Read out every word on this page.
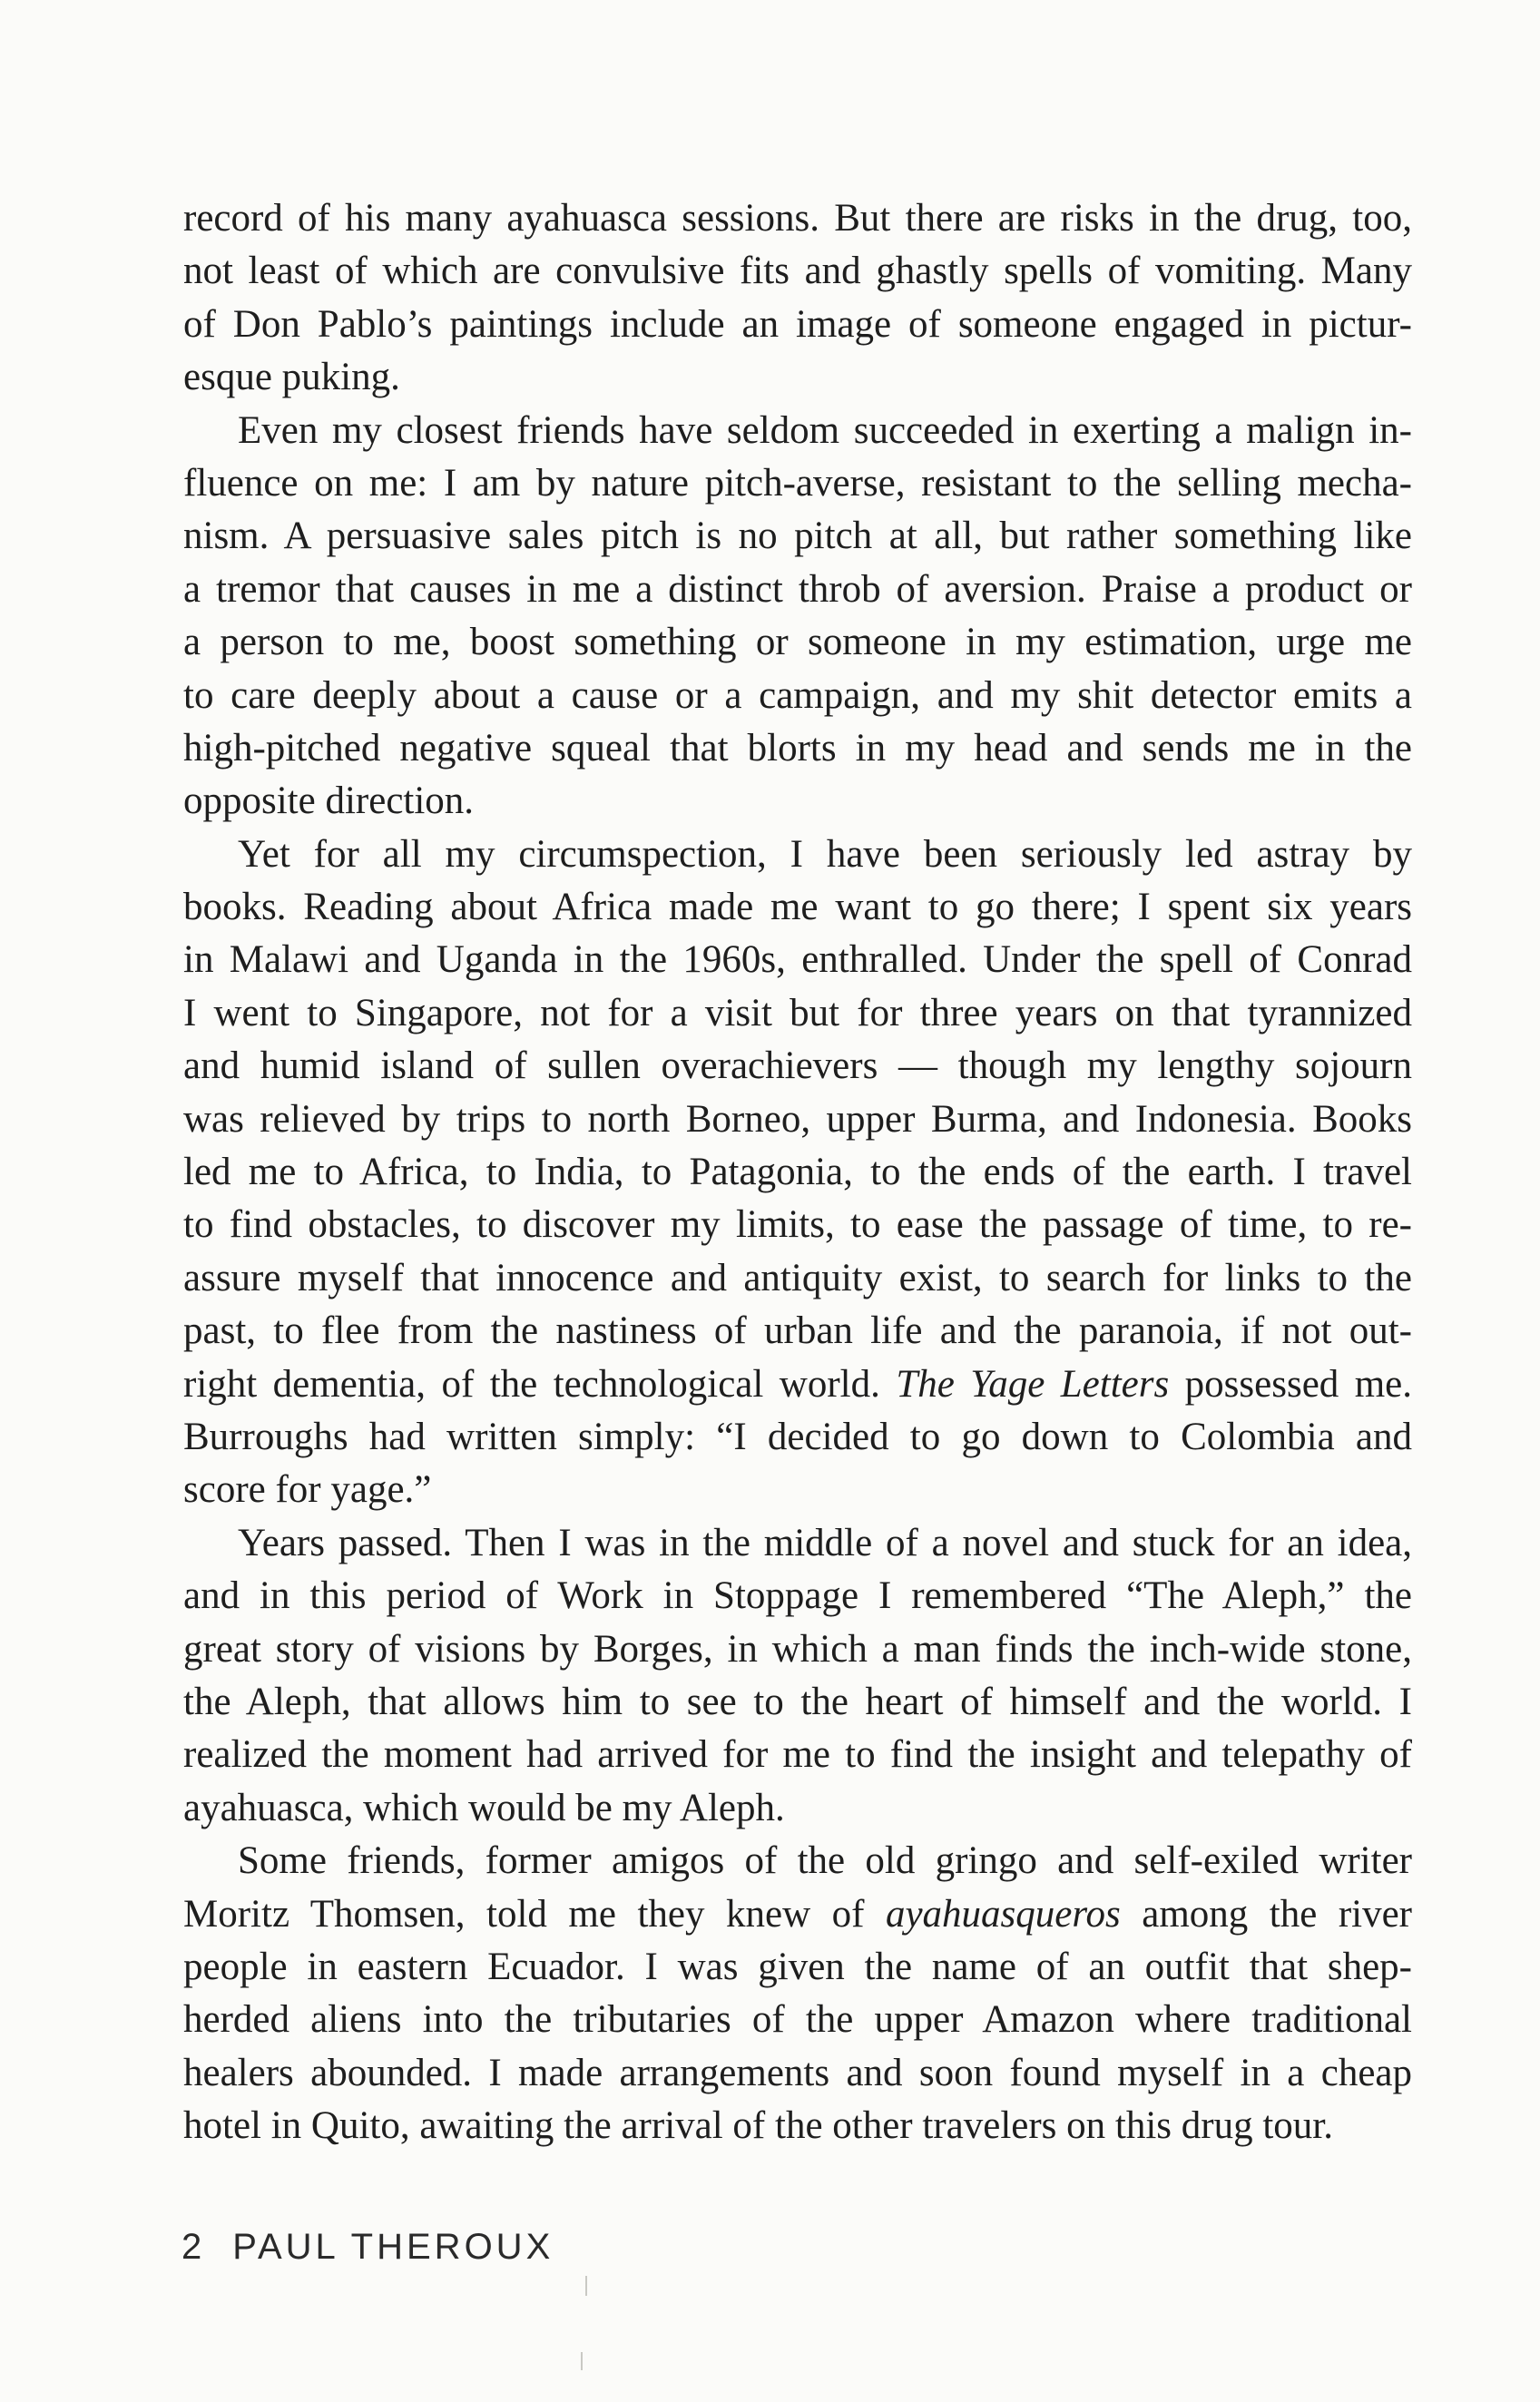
record of his many ayahuasca sessions. But there are risks in the drug, too,
not least of which are convulsive fits and ghastly spells of vomiting. Many
of Don Pablo’s paintings include an image of someone engaged in pictur-
esque puking.
Even my closest friends have seldom succeeded in exerting a malign in-
fluence on me: I am by nature pitch-averse, resistant to the selling mecha-
nism. A persuasive sales pitch is no pitch at all, but rather something like
a tremor that causes in me a distinct throb of aversion. Praise a product or
a person to me, boost something or someone in my estimation, urge me
to care deeply about a cause or a campaign, and my shit detector emits a
high-pitched negative squeal that blorts in my head and sends me in the
opposite direction.
Yet for all my circumspection, I have been seriously led astray by
books. Reading about Africa made me want to go there; I spent six years
in Malawi and Uganda in the 1960s, enthralled. Under the spell of Conrad
I went to Singapore, not for a visit but for three years on that tyrannized
and humid island of sullen overachievers — though my lengthy sojourn
was relieved by trips to north Borneo, upper Burma, and Indonesia. Books
led me to Africa, to India, to Patagonia, to the ends of the earth. I travel
to find obstacles, to discover my limits, to ease the passage of time, to re-
assure myself that innocence and antiquity exist, to search for links to the
past, to flee from the nastiness of urban life and the paranoia, if not out-
right dementia, of the technological world. The Yage Letters possessed me.
Burroughs had written simply: “I decided to go down to Colombia and
score for yage.”
Years passed. Then I was in the middle of a novel and stuck for an idea,
and in this period of Work in Stoppage I remembered “The Aleph,” the
great story of visions by Borges, in which a man finds the inch-wide stone,
the Aleph, that allows him to see to the heart of himself and the world. I
realized the moment had arrived for me to find the insight and telepathy of
ayahuasca, which would be my Aleph.
Some friends, former amigos of the old gringo and self-exiled writer
Moritz Thomsen, told me they knew of ayahuasqueros among the river
people in eastern Ecuador. I was given the name of an outfit that shep-
herded aliens into the tributaries of the upper Amazon where traditional
healers abounded. I made arrangements and soon found myself in a cheap
hotel in Quito, awaiting the arrival of the other travelers on this drug tour.
2 PAUL THEROUX
